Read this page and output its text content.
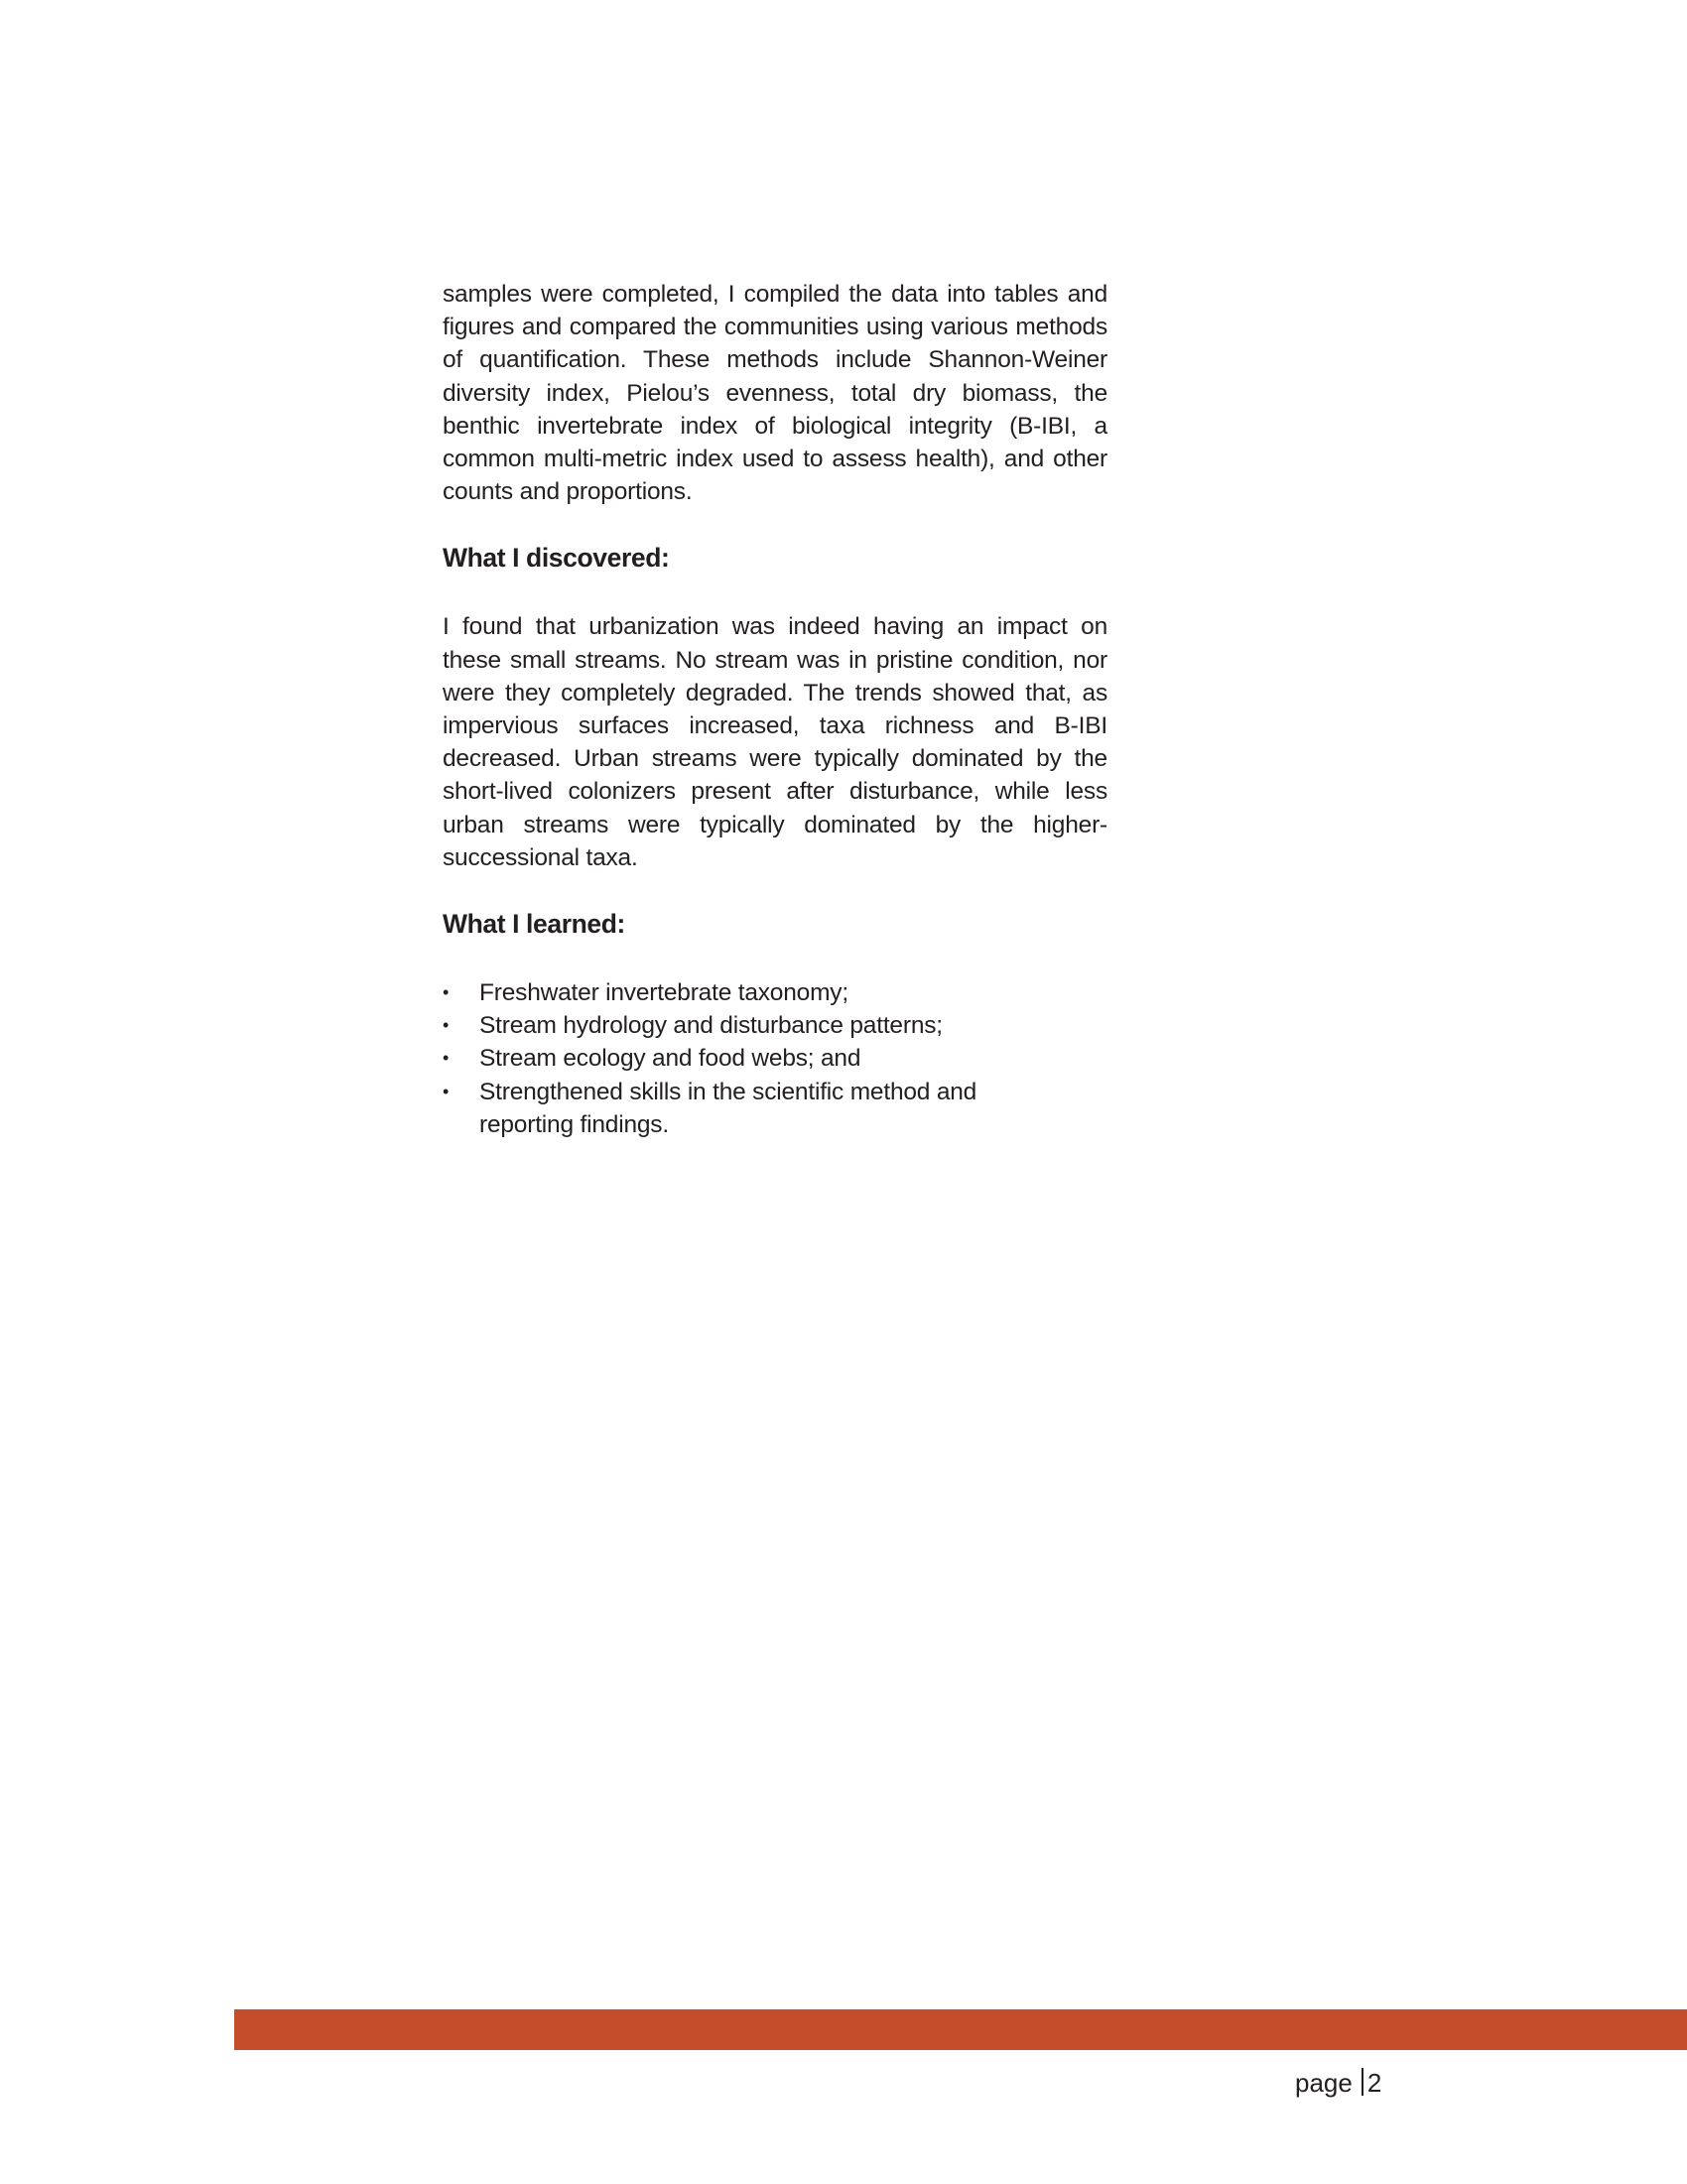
samples were completed, I compiled the data into tables and figures and compared the communities using various methods of quantification. These methods include Shannon-Weiner diversity index, Pielou’s evenness, total dry biomass, the benthic invertebrate index of biological integrity (B-IBI, a common multi-metric index used to assess health), and other counts and proportions.

What I discovered:

I found that urbanization was indeed having an impact on these small streams. No stream was in pristine condition, nor were they completely degraded. The trends showed that, as impervious surfaces increased, taxa richness and B-IBI decreased. Urban streams were typically dominated by the short-lived colonizers present after disturbance, while less urban streams were typically dominated by the higher-successional taxa.

What I learned:
• Freshwater invertebrate taxonomy;
• Stream hydrology and disturbance patterns;
• Stream ecology and food webs; and
• Strengthened skills in the scientific method and reporting findings.
page 2
